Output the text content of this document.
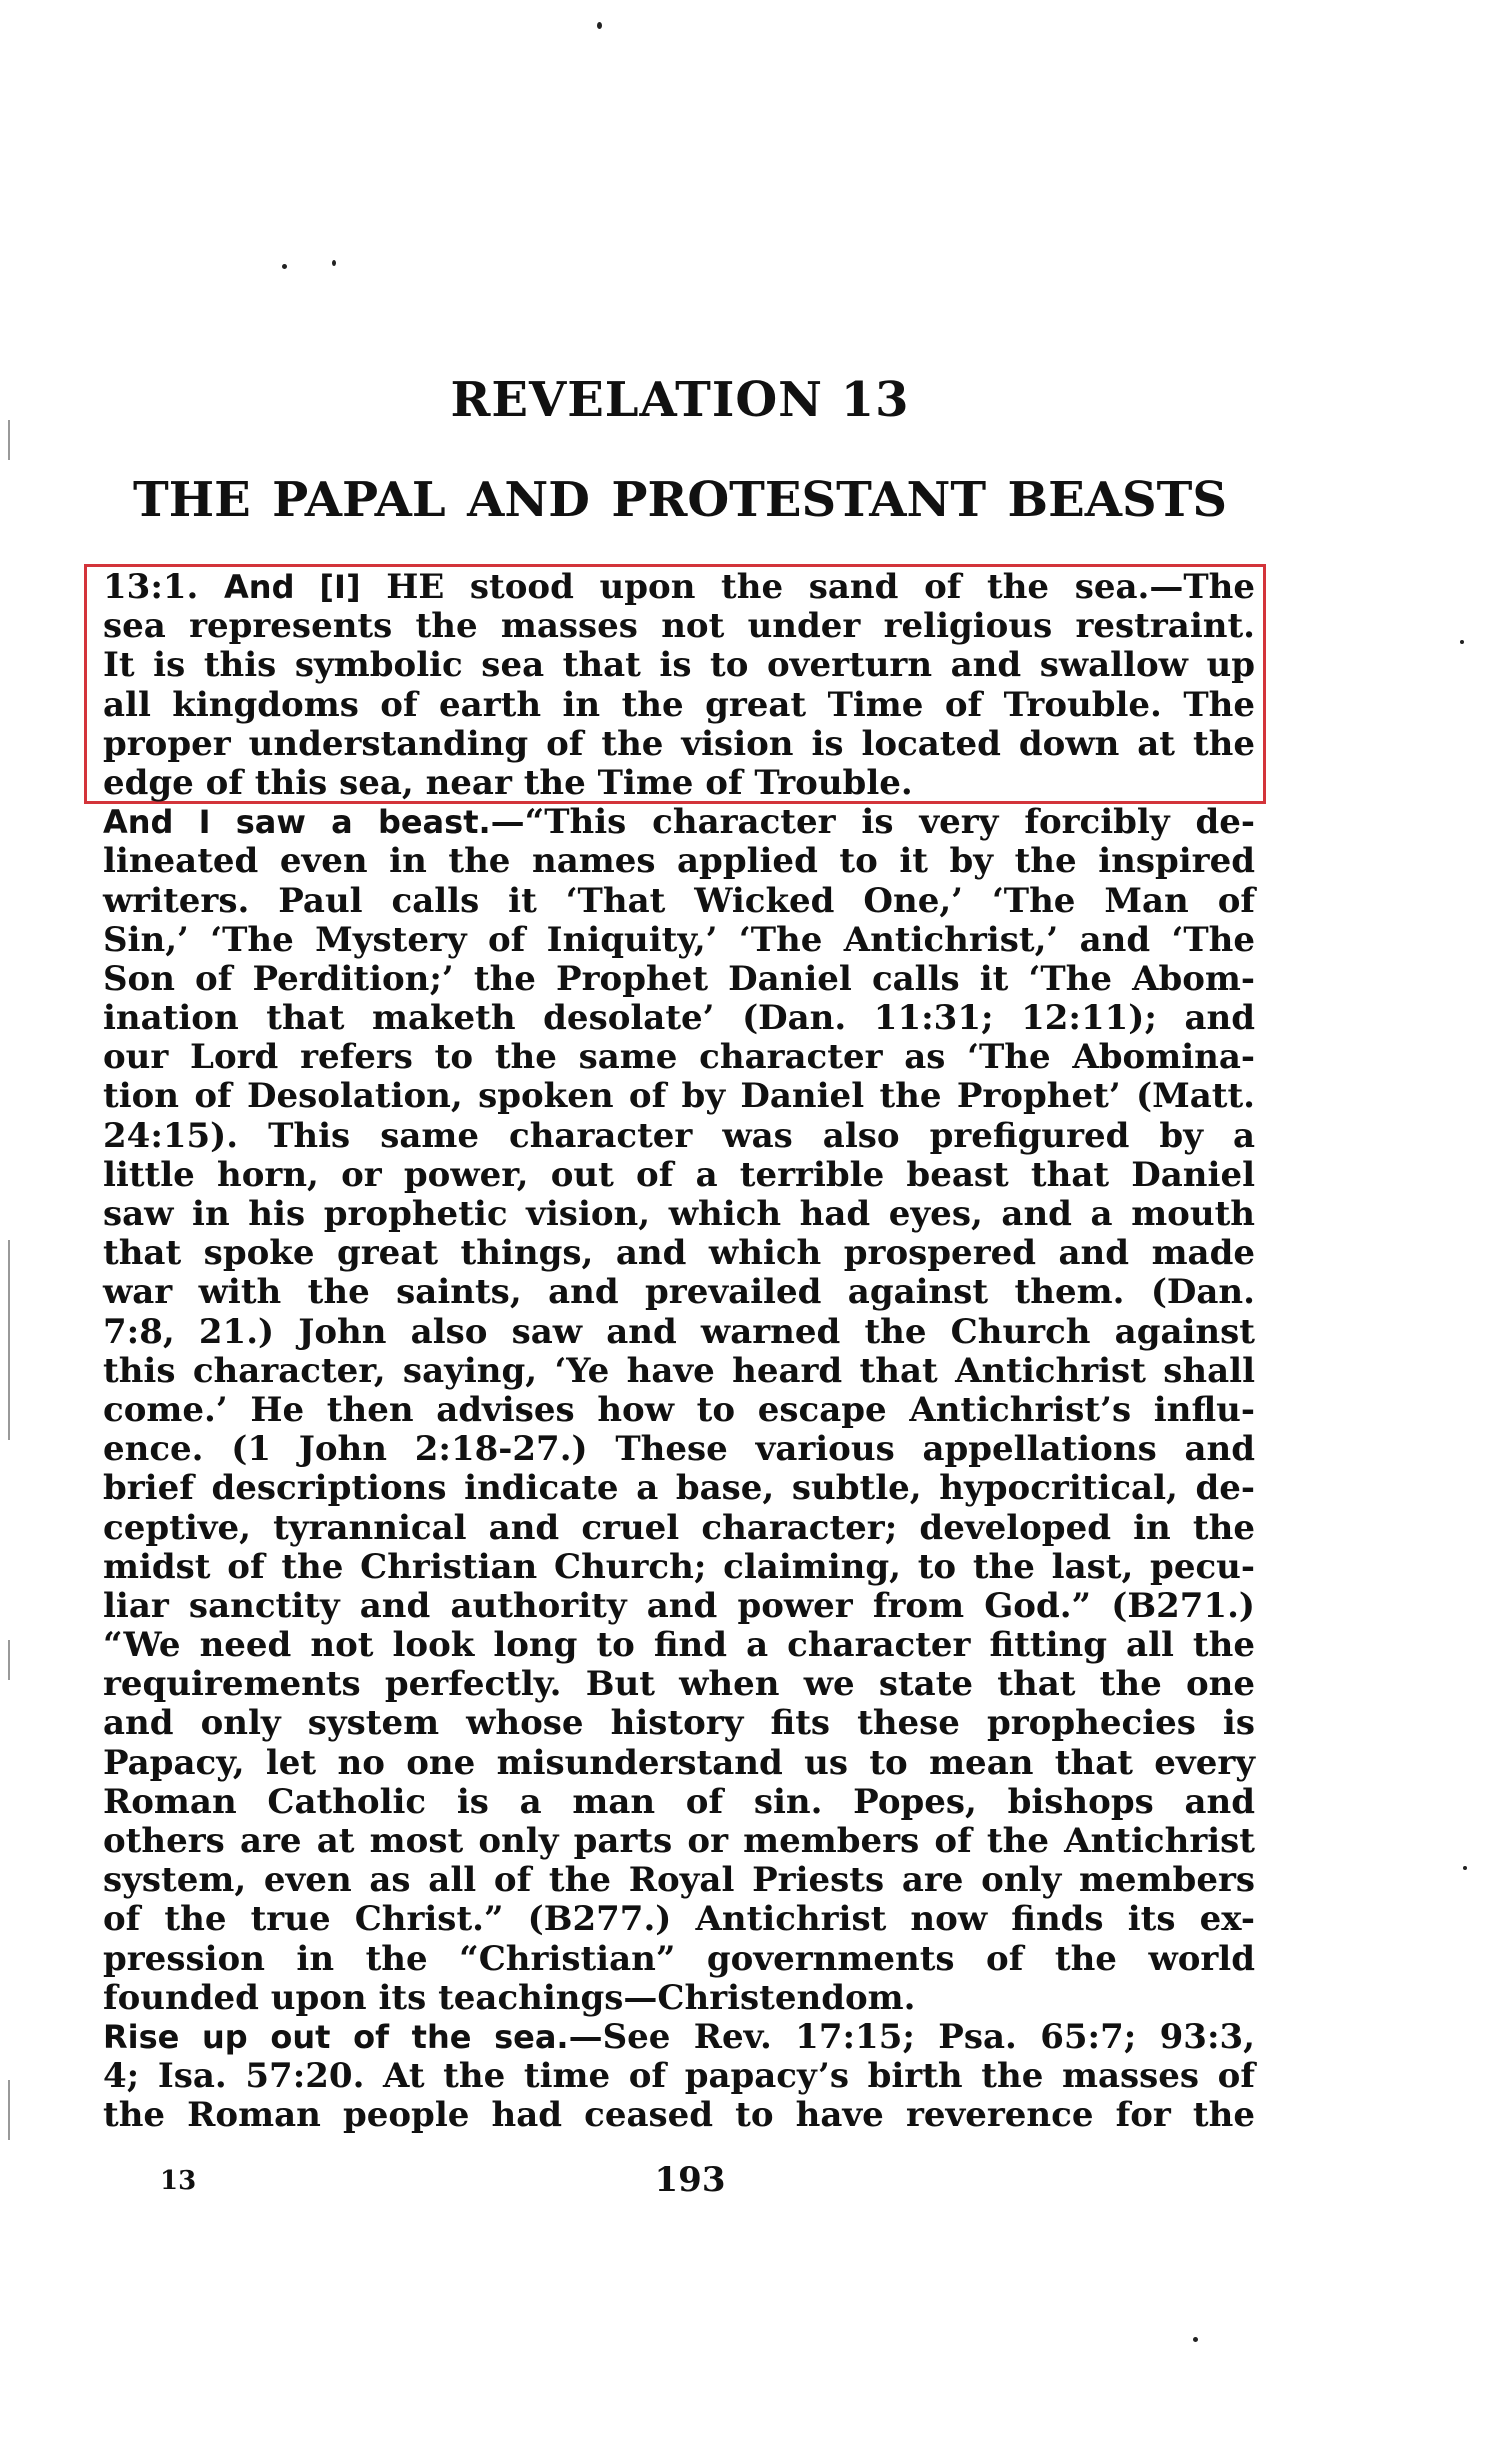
REVELATION 13
THE PAPAL AND PROTESTANT BEASTS
13:1. And [I] HE stood upon the sand of the sea.—The
sea represents the masses not under religious restraint.
It is this symbolic sea that is to overturn and swallow up
all kingdoms of earth in the great Time of Trouble. The
proper understanding of the vision is located down at the
edge of this sea, near the Time of Trouble.
And I saw a beast.—“This character is very forcibly de-
lineated even in the names applied to it by the inspired
writers. Paul calls it ‘That Wicked One,’ ‘The Man of
Sin,’ ‘The Mystery of Iniquity,’ ‘The Antichrist,’ and ‘The
Son of Perdition;’ the Prophet Daniel calls it ‘The Abom-
ination that maketh desolate’ (Dan. 11:31; 12:11); and
our Lord refers to the same character as ‘The Abomina-
tion of Desolation, spoken of by Daniel the Prophet’ (Matt.
24:15). This same character was also prefigured by a
little horn, or power, out of a terrible beast that Daniel
saw in his prophetic vision, which had eyes, and a mouth
that spoke great things, and which prospered and made
war with the saints, and prevailed against them. (Dan.
7:8, 21.) John also saw and warned the Church against
this character, saying, ‘Ye have heard that Antichrist shall
come.’ He then advises how to escape Antichrist’s influ-
ence. (1 John 2:18-27.) These various appellations and
brief descriptions indicate a base, subtle, hypocritical, de-
ceptive, tyrannical and cruel character; developed in the
midst of the Christian Church; claiming, to the last, pecu-
liar sanctity and authority and power from God.” (B271.)
“We need not look long to find a character fitting all the
requirements perfectly. But when we state that the one
and only system whose history fits these prophecies is
Papacy, let no one misunderstand us to mean that every
Roman Catholic is a man of sin. Popes, bishops and
others are at most only parts or members of the Antichrist
system, even as all of the Royal Priests are only members
of the true Christ.” (B277.) Antichrist now finds its ex-
pression in the “Christian” governments of the world
founded upon its teachings—Christendom.
Rise up out of the sea.—See Rev. 17:15; Psa. 65:7; 93:3,
4; Isa. 57:20. At the time of papacy’s birth the masses of
the Roman people had ceased to have reverence for the
13	193
